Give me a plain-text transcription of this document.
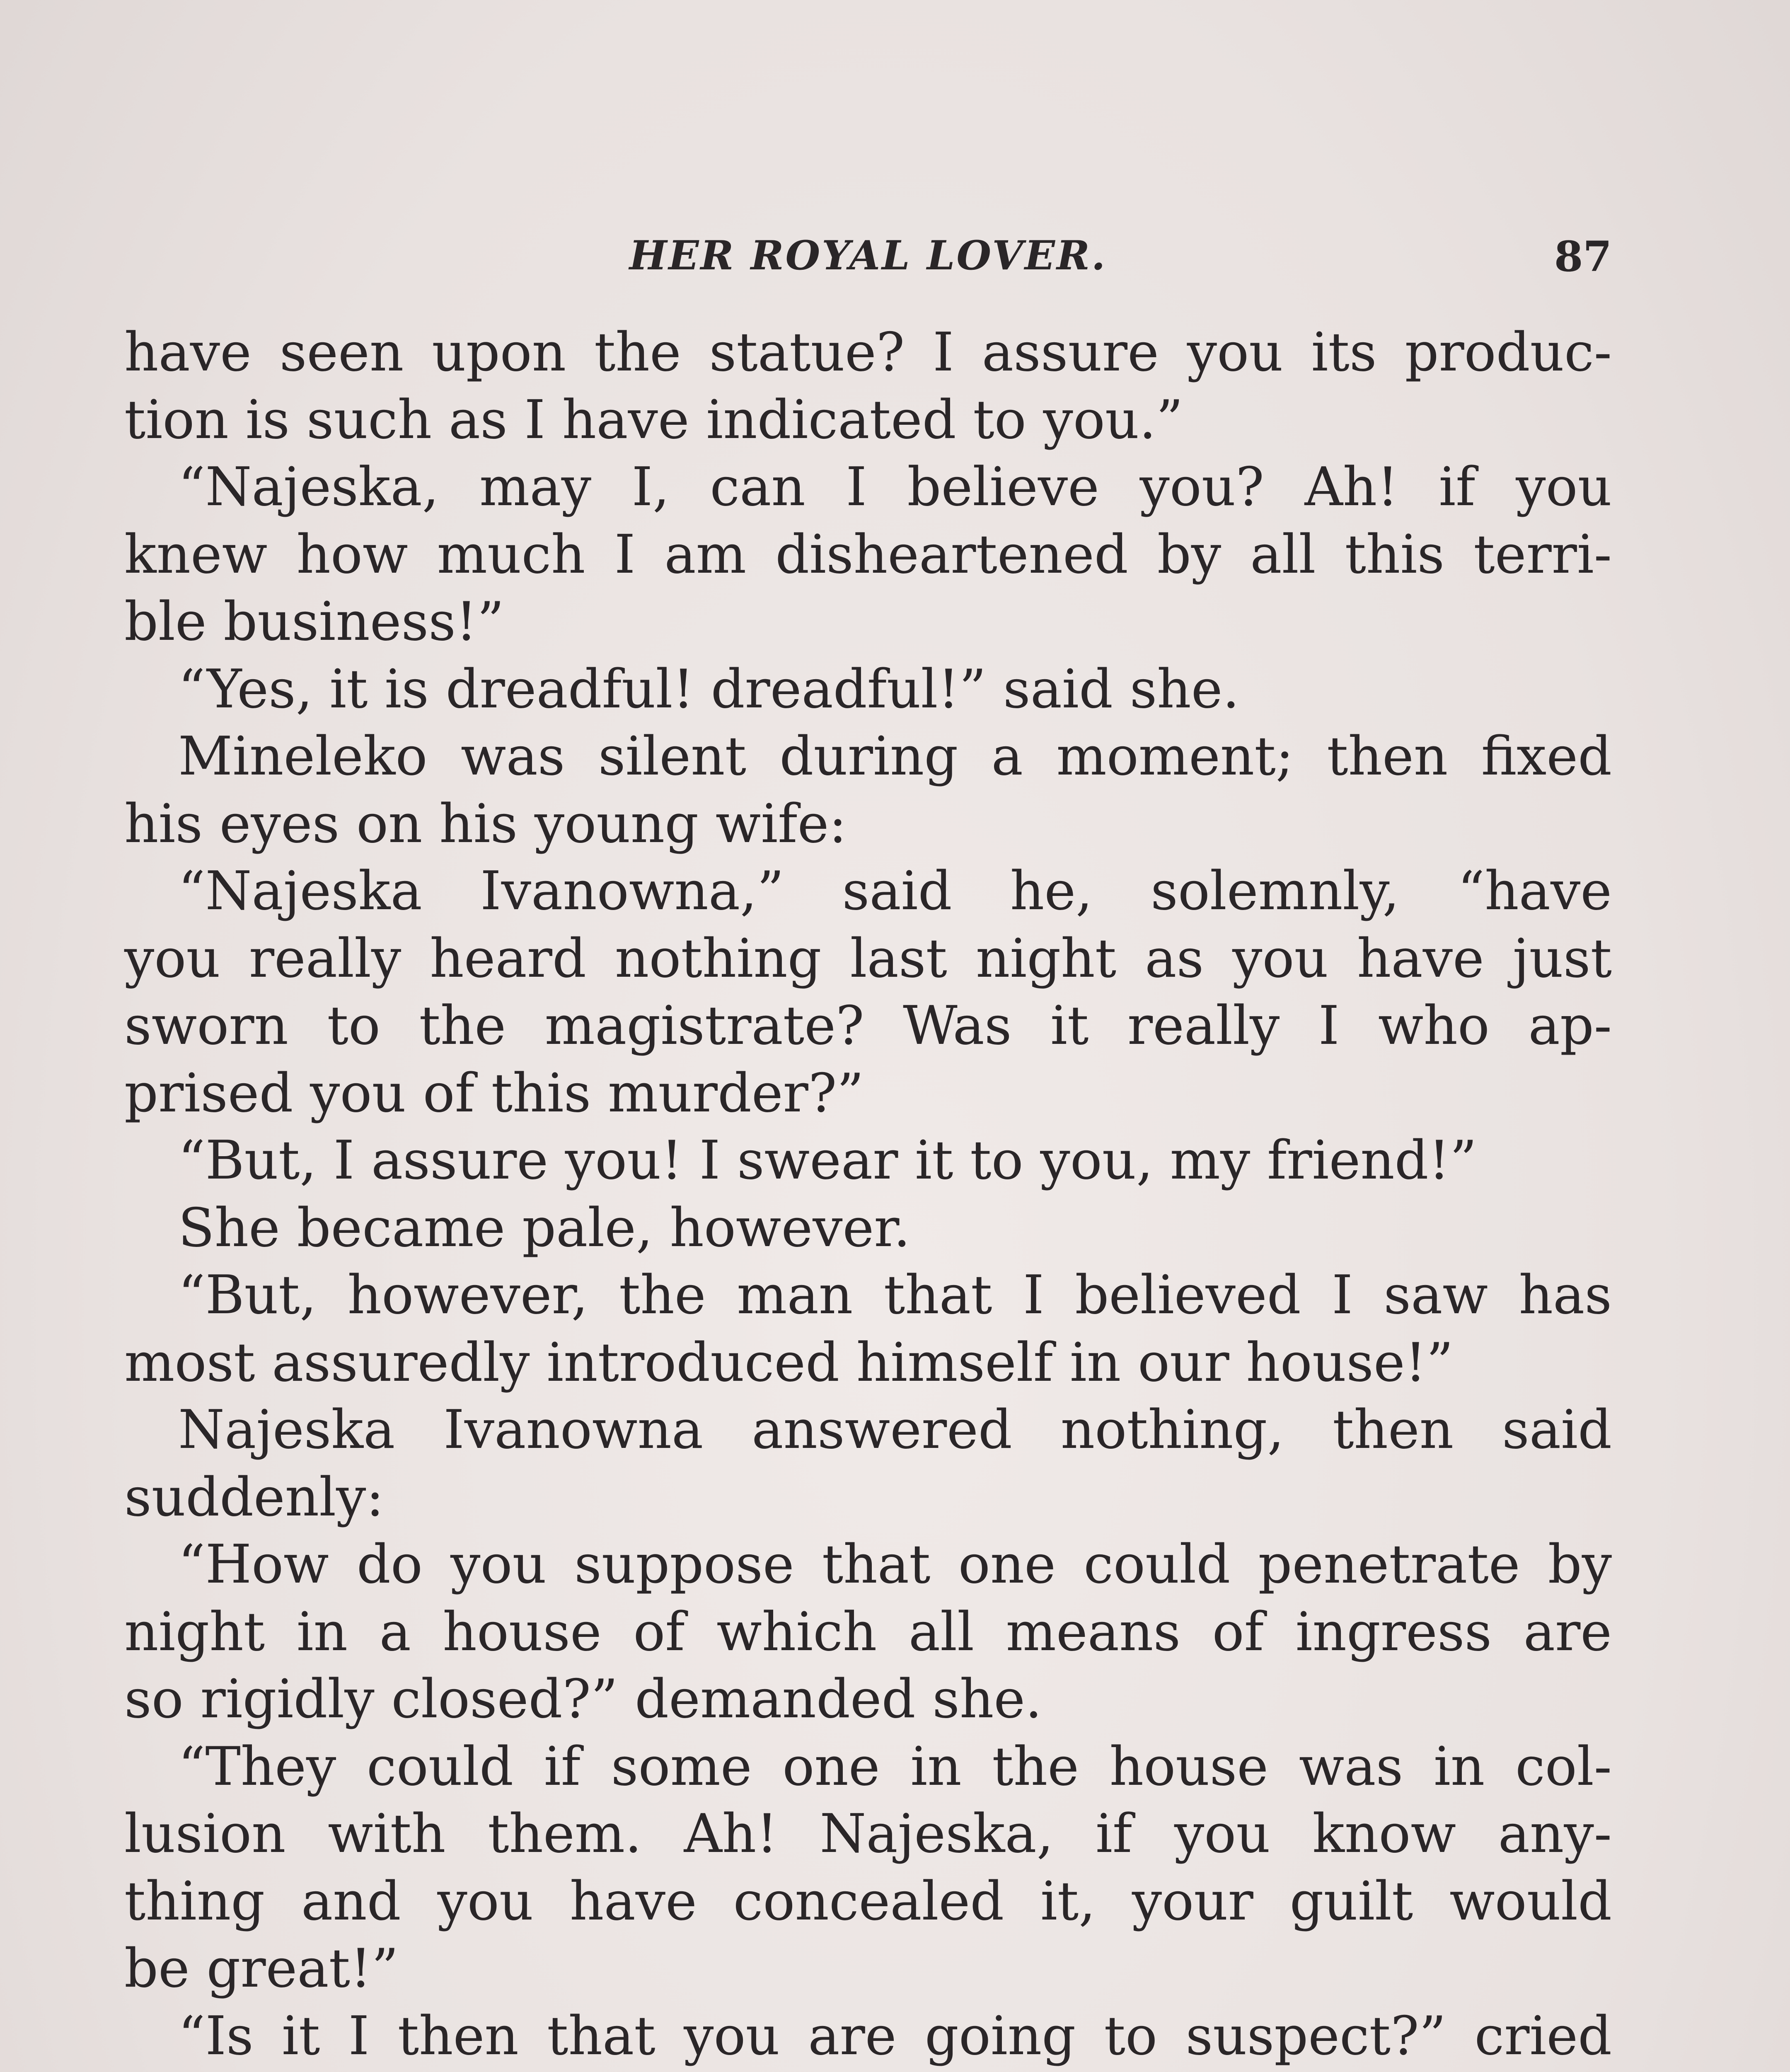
HER ROYAL LOVER.	87
have seen upon the statue? I assure you its produc-
tion is such as I have indicated to you.”
“Najeska, may I, can I believe you? Ah! if you
knew how much I am disheartened by all this terri-
ble business!”
“Yes, it is dreadful! dreadful!” said she.
Mineleko was silent during a moment; then fixed
his eyes on his young wife:
“Najeska Ivanowna,” said he, solemnly, “have
you really heard nothing last night as you have just
sworn to the magistrate? Was it really I who ap-
prised you of this murder?”
“But, I assure you! I swear it to you, my friend!”
She became pale, however.
“But, however, the man that I believed I saw has
most assuredly introduced himself in our house!”
Najeska Ivanowna answered nothing, then said
suddenly:
“How do you suppose that one could penetrate by
night in a house of which all means of ingress are
so rigidly closed?” demanded she.
“They could if some one in the house was in col-
lusion with them. Ah! Najeska, if you know any-
thing and you have concealed it, your guilt would
be great!”
“Is it I then that you are going to suspect?” cried
